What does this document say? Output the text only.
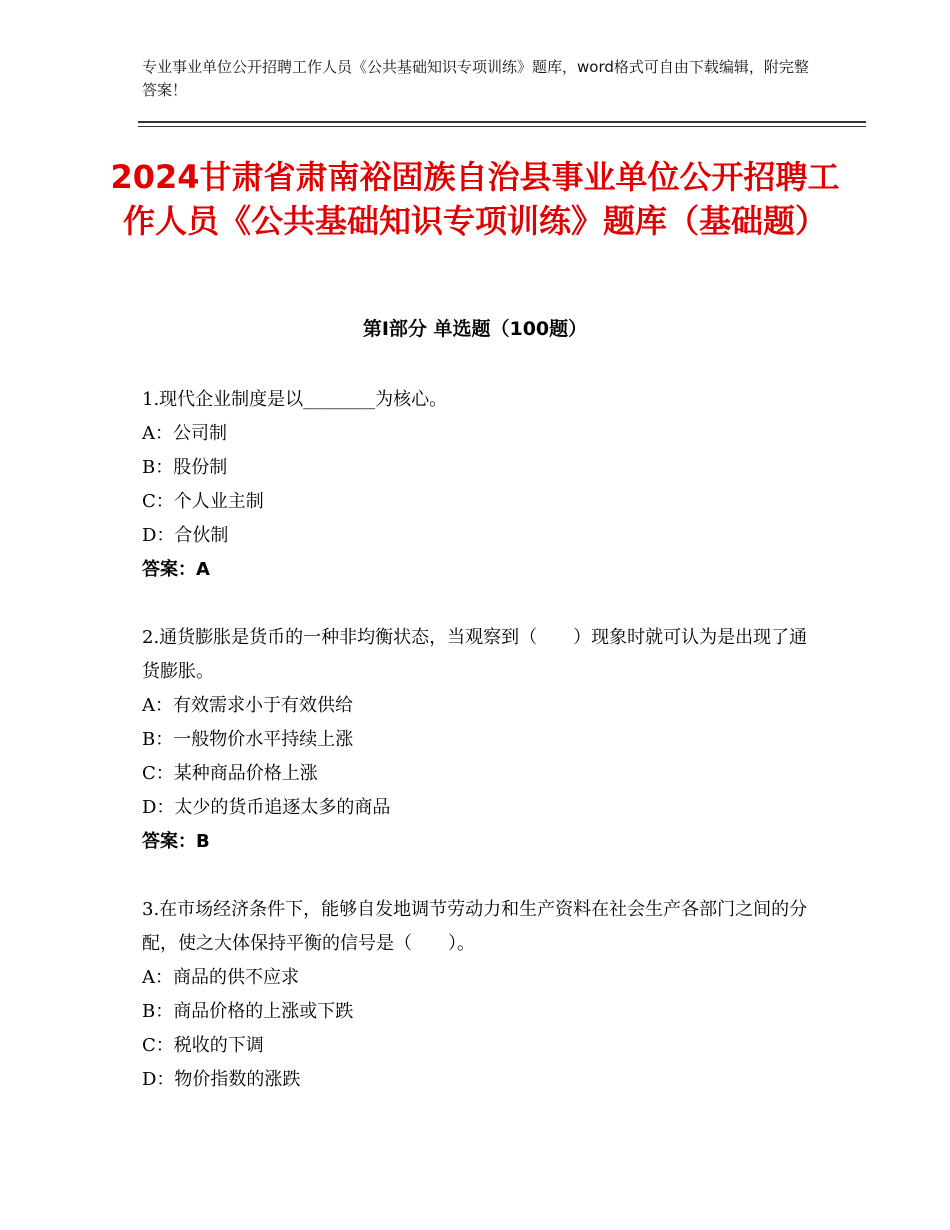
专业事业单位公开招聘工作人员《公共基础知识专项训练》题库，word格式可自由下载编辑，附完整答案！
2024甘肃省肃南裕固族自治县事业单位公开招聘工作人员《公共基础知识专项训练》题库（基础题）
第Ⅰ部分 单选题（100题）

1.现代企业制度是以________为核心。

A：公司制

B：股份制

C：个人业主制

D：合伙制

答案：A

2.通货膨胀是货币的一种非均衡状态，当观察到（　　）现象时就可认为是出现了通货膨胀。

A：有效需求小于有效供给

B：一般物价水平持续上涨

C：某种商品价格上涨

D：太少的货币追逐太多的商品

答案：B

3.在市场经济条件下，能够自发地调节劳动力和生产资料在社会生产各部门之间的分配，使之大体保持平衡的信号是（　　）。

A：商品的供不应求

B：商品价格的上涨或下跌

C：税收的下调

D：物价指数的涨跌
